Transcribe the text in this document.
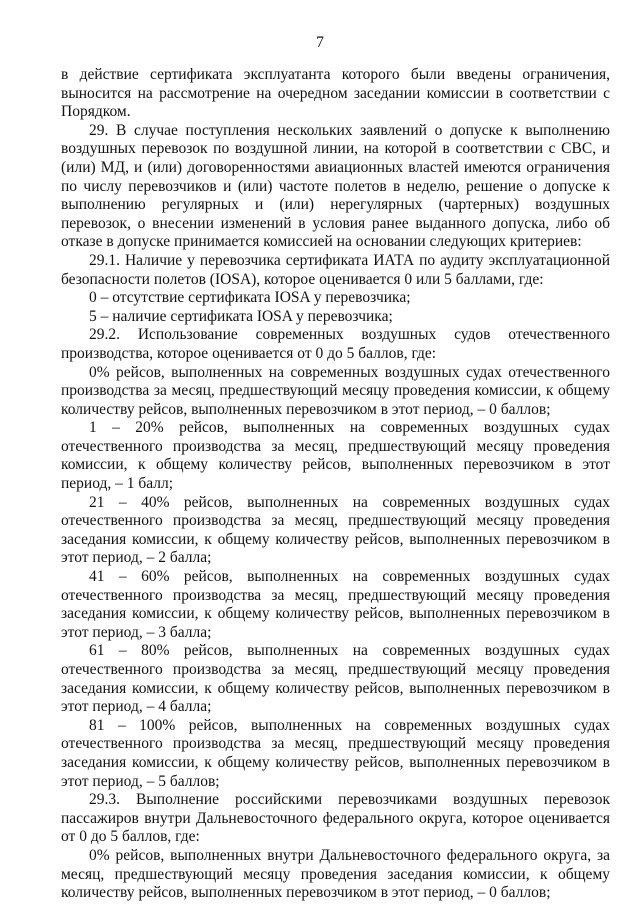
7

в действие сертификата эксплуатанта которого были введены ограничения, выносится на рассмотрение на очередном заседании комиссии в соответствии с Порядком.

29. В случае поступления нескольких заявлений о допуске к выполнению воздушных перевозок по воздушной линии, на которой в соответствии с СВС, и (или) МД, и (или) договоренностями авиационных властей имеются ограничения по числу перевозчиков и (или) частоте полетов в неделю, решение о допуске к выполнению регулярных и (или) нерегулярных (чартерных) воздушных перевозок, о внесении изменений в условия ранее выданного допуска, либо об отказе в допуске принимается комиссией на основании следующих критериев:

29.1. Наличие у перевозчика сертификата ИАТА по аудиту эксплуатационной безопасности полетов (IOSA), которое оценивается 0 или 5 баллами, где:

0 – отсутствие сертификата IOSA у перевозчика;

5 – наличие сертификата IOSA у перевозчика;

29.2. Использование современных воздушных судов отечественного производства, которое оценивается от 0 до 5 баллов, где:

0% рейсов, выполненных на современных воздушных судах отечественного производства за месяц, предшествующий месяцу проведения комиссии, к общему количеству рейсов, выполненных перевозчиком в этот период, – 0 баллов;

1 – 20% рейсов, выполненных на современных воздушных судах отечественного производства за месяц, предшествующий месяцу проведения комиссии, к общему количеству рейсов, выполненных перевозчиком в этот период, – 1 балл;

21 – 40% рейсов, выполненных на современных воздушных судах отечественного производства за месяц, предшествующий месяцу проведения заседания комиссии, к общему количеству рейсов, выполненных перевозчиком в этот период, – 2 балла;

41 – 60% рейсов, выполненных на современных воздушных судах отечественного производства за месяц, предшествующий месяцу проведения заседания комиссии, к общему количеству рейсов, выполненных перевозчиком в этот период, – 3 балла;

61 – 80% рейсов, выполненных на современных воздушных судах отечественного производства за месяц, предшествующий месяцу проведения заседания комиссии, к общему количеству рейсов, выполненных перевозчиком в этот период, – 4 балла;

81 – 100% рейсов, выполненных на современных воздушных судах отечественного производства за месяц, предшествующий месяцу проведения заседания комиссии, к общему количеству рейсов, выполненных перевозчиком в этот период, – 5 баллов;

29.3. Выполнение российскими перевозчиками воздушных перевозок пассажиров внутри Дальневосточного федерального округа, которое оценивается от 0 до 5 баллов, где:

0% рейсов, выполненных внутри Дальневосточного федерального округа, за месяц, предшествующий месяцу проведения заседания комиссии, к общему количеству рейсов, выполненных перевозчиком в этот период, – 0 баллов;
